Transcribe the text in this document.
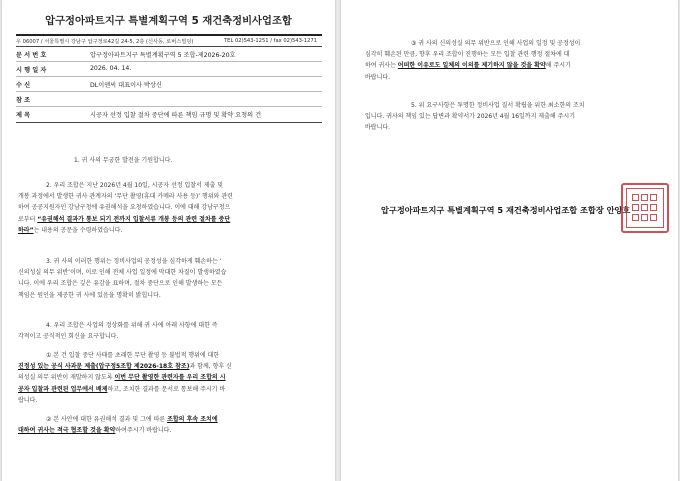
압구정아파트지구 특별계획구역 5 재건축정비사업조합
우 06007 / 서울특별시 강남구 압구정로42길 24-5, 2층 (신사동, 로버스빌딩)	TEL 02)543-1251 / fax 02)543-1271
문 서 번 호	압구정아파트지구 특별계획구역 5 조합-제2026-20호
시 행 일 자	2026. 04. 14.
수 신	DL이앤씨 대표이사 박상신
참 조
제 목	시공자 선정 입찰 절차 중단에 따른 책임 규명 및 확약 요청의 건
1. 귀 사의 무궁한 발전을 기원합니다.
2. 우리 조합은 지난 2026년 4월 10일, 시공자 선정 입찰서 제출 및
개봉 과정에서 발생한 귀사 관계자의 ‘무단 촬영(휴대 카메라 사용 등)’ 행위와 관련
하여 공공지원자인 강남구청에 유권해석을 요청하였습니다. 이에 대해 강남구청으
로부터 “유권해석 결과가 통보 되기 전까지 입찰서류 개봉 등의 관련 절차를 중단
하라”는 내용의 공문을 수령하였습니다.
3. 귀 사의 이러한 행위는 정비사업의 공정성을 심각하게 훼손하는 ‘
신의성실 의무 위반’이며, 이로 인해 전체 사업 일정에 막대한 차질이 발생하였습
니다. 이에 우리 조합은 깊은 유감을 표하며, 절차 중단으로 인해 발생하는 모든
책임은 원인을 제공한 귀 사에 있음을 명확히 밝힙니다.
4. 우리 조합은 사업의 정상화를 위해 귀 사에 아래 사항에 대한 즉
각적이고 공식적인 회신을 요구합니다.
① 본 건 입찰 중단 사태를 초래한 무단 촬영 등 불법적 행위에 대한
진정성 있는 공식 사과문 제출(압구정5조합 제2026-18호 참조)과 함께, 향후 신
의성실 의무 위반이 재발하지 않도록 이번 무단 촬영한 관련자를 우리 조합의 시
공자 입찰과 관련된 업무에서 배제하고, 조치한 결과를 문서로 통보해 주시기 바
랍니다.
② 본 사안에 대한 유권해석 결과 및 그에 따른 조합의 후속 조치에
대하여 귀사는 적극 협조할 것을 확약하여주시기 바랍니다.
③ 귀 사의 신의성실 의무 위반으로 인해 사업의 일정 및 공정성이
심각히 훼손된 만큼, 향후 우리 조합이 진행하는 모든 입찰 관련 행정 절차에 대
하여 귀사는 어떠한 이유로도 일체의 이의를 제기하지 않을 것을 확약해 주시기
바랍니다.
5. 위 요구사항은 투명한 정비사업 질서 확립을 위한 최소한의 조치
입니다. 귀사의 책임 있는 답변과 확약서가 2026년 4월 16일까지 제출해 주시기
바랍니다.
압구정아파트지구 특별계획구역 5 재건축정비사업조합 조합장 안양호
